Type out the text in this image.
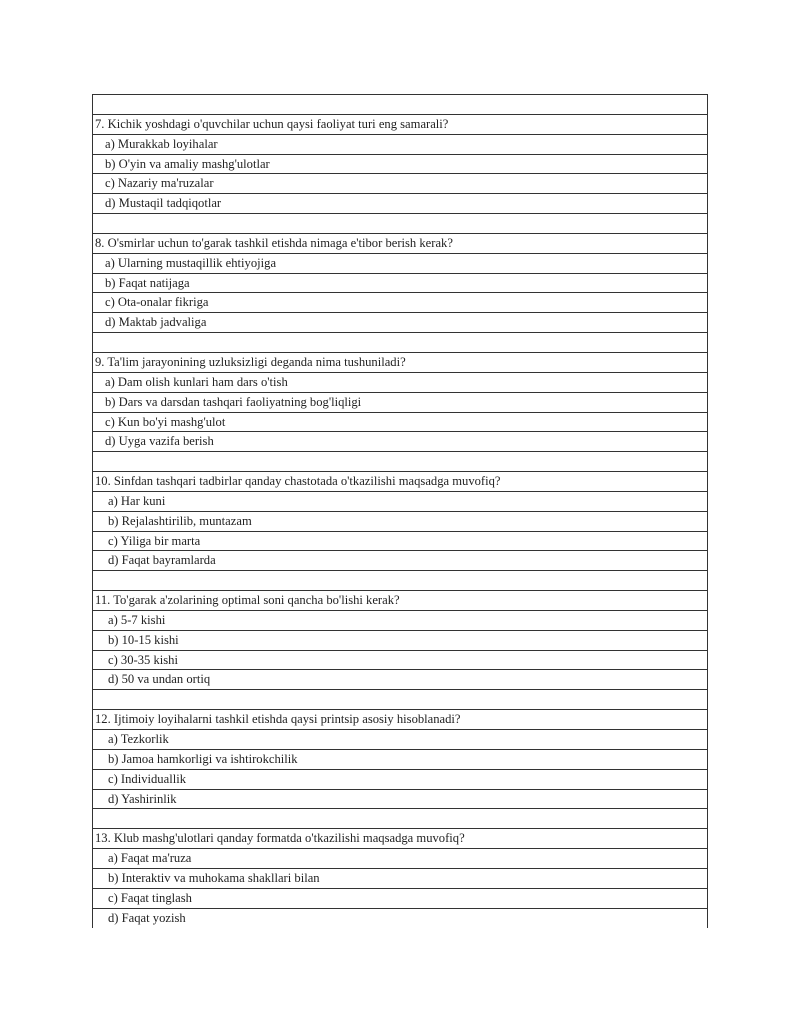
7. Kichik yoshdagi o'quvchilar uchun qaysi faoliyat turi eng samarali?
a) Murakkab loyihalar
b) O'yin va amaliy mashg'ulotlar
c) Nazariy ma'ruzalar
d) Mustaqil tadqiqotlar
8. O'smirlar uchun to'garak tashkil etishda nimaga e'tibor berish kerak?
a) Ularning mustaqillik ehtiyojiga
b) Faqat natijaga
c) Ota-onalar fikriga
d) Maktab jadvaliga
9. Ta'lim jarayonining uzluksizligi deganda nima tushuniladi?
a) Dam olish kunlari ham dars o'tish
b) Dars va darsdan tashqari faoliyatning bog'liqligi
c) Kun bo'yi mashg'ulot
d) Uyga vazifa berish
10. Sinfdan tashqari tadbirlar qanday chastotada o'tkazilishi maqsadga muvofiq?
a) Har kuni
b) Rejalashtirilib, muntazam
c) Yiliga bir marta
d) Faqat bayramlarda
11. To'garak a'zolarining optimal soni qancha bo'lishi kerak?
a) 5-7 kishi
b) 10-15 kishi
c) 30-35 kishi
d) 50 va undan ortiq
12. Ijtimoiy loyihalarni tashkil etishda qaysi printsip asosiy hisoblanadi?
a) Tezkorlik
b) Jamoa hamkorligi va ishtirokchilik
c) Individuallik
d) Yashirinlik
13. Klub mashg'ulotlari qanday formatda o'tkazilishi maqsadga muvofiq?
a) Faqat ma'ruza
b) Interaktiv va muhokama shakllari bilan
c) Faqat tinglash
d) Faqat yozish
